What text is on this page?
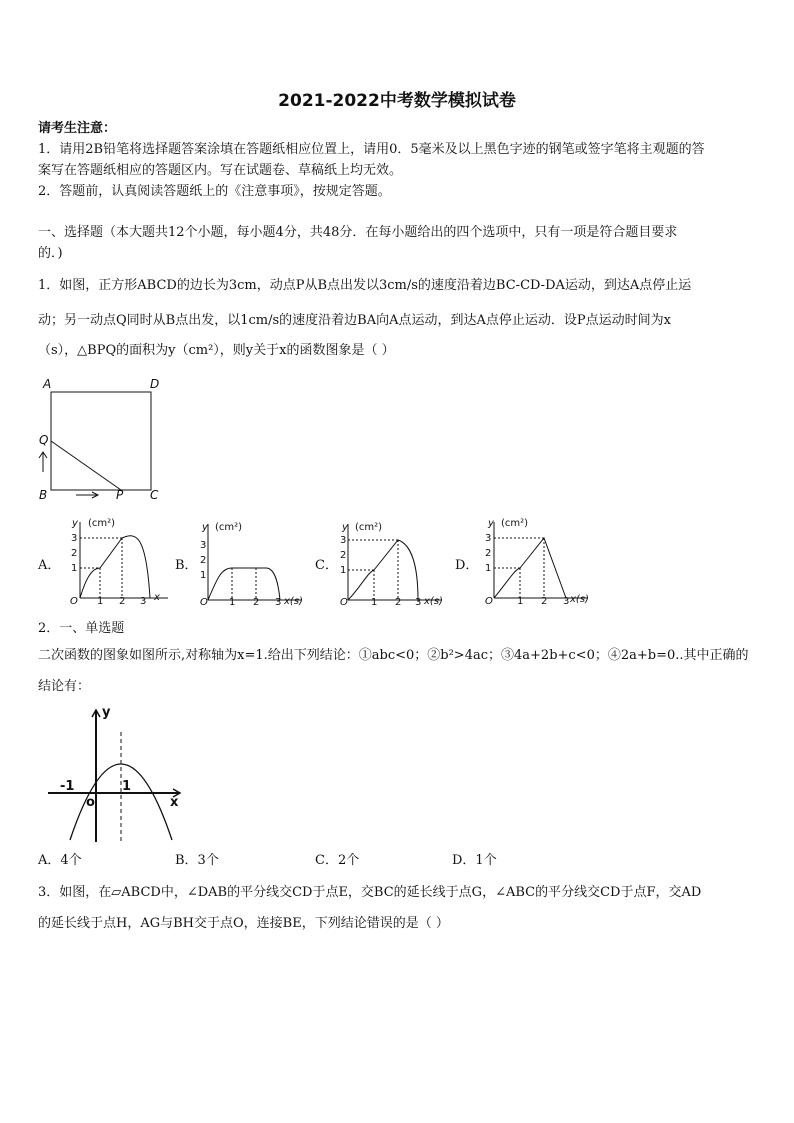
2021-2022中考数学模拟试卷
请考生注意：
1．请用2B铅笔将选择题答案涂填在答题纸相应位置上，请用0．5毫米及以上黑色字迹的钢笔或签字笔将主观题的答
案写在答题纸相应的答题区内。写在试题卷、草稿纸上均无效。
2．答题前，认真阅读答题纸上的《注意事项》，按规定答题。
一、选择题（本大题共12个小题，每小题4分，共48分．在每小题给出的四个选项中，只有一项是符合题目要求
的．)
1．如图，正方形ABCD的边长为3cm，动点P从B点出发以3cm/s的速度沿着边BC-CD-DA运动，到达A点停止运
动；另一动点Q同时从B点出发，以1cm/s的速度沿着边BA向A点运动，到达A点停止运动．设P点运动时间为x
（s），△BPQ的面积为y（cm²），则y关于x的函数图象是（ ）
A	D
Q
B	P C
A．	B．	C．	D．
y (cm²)
3
2
1
O 1 2 3 x
y (cm²)
3
2
1
O 1 2 3 x(s)
y (cm²)
3
2
1
O 1 2 3 x(s)
y (cm²)
3
2
1
O 1 2 3 x(s)
2．一、单选题
二次函数的图象如图所示,对称轴为x=1.给出下列结论：①abc<0；②b²>4ac；③4a+2b+c<0；④2a+b=0..其中正确的
结论有：
y
x
o
-1	1
A．4个	B．3个	C．2个	D．1个
3．如图，在▱ABCD中，∠DAB的平分线交CD于点E，交BC的延长线于点G，∠ABC的平分线交CD于点F，交AD
的延长线于点H，AG与BH交于点O，连接BE，下列结论错误的是（ ）
